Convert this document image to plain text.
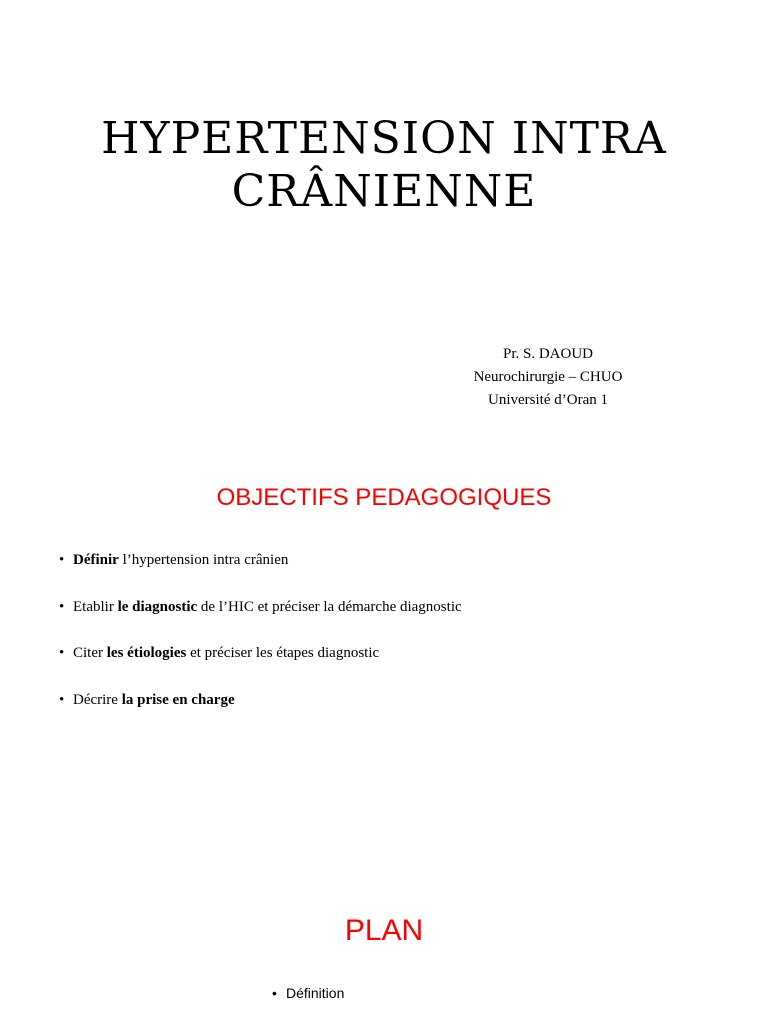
HYPERTENSION INTRA
CRÂNIENNE
Pr. S. DAOUD
Neurochirurgie – CHUO
Université d’Oran 1
OBJECTIFS PEDAGOGIQUES
• Définir l’hypertension intra crânien
• Etablir le diagnostic de l’HIC et préciser la démarche diagnostic
• Citer les étiologies et préciser les étapes diagnostic
• Décrire la prise en charge
PLAN
• Définition
